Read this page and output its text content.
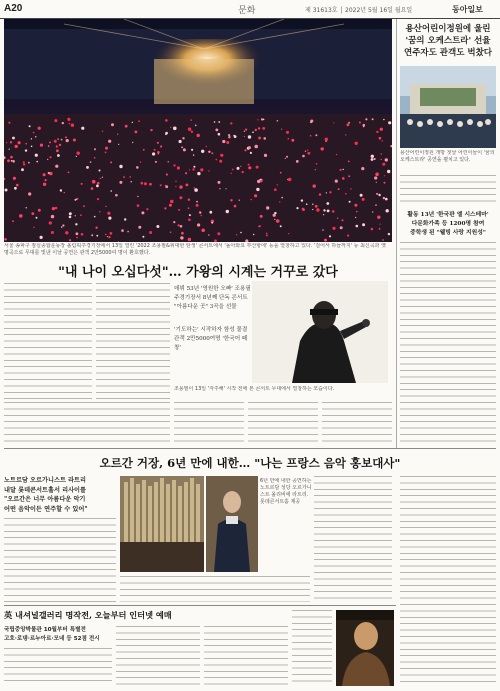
A20	문화	제 31613호 │ 2022년 5월 16일 월요일	동아일보
서울 송파구 잠실종합운동장 올림픽주경기장에서 13일 열린 '2022 조용필&위대한 탄생' 콘서트에서 '돌아와요 부산항에' 등을 열창하고 있다. '걸어서 하늘까지' 등 최신곡과 옛 명곡으로 무대를 빛낸 이날 공연은 관객 2만5000여 명이 환호했다.
용산어린이정원에 울린
'꿈의 오케스트라' 선율
연주자도 관객도 벅찼다
용산어린이정원 개방 첫날 어린이들이 '꿈의 오케스트라' 공연을 펼치고 있다.
활동 13년 '한국판 엘 시스테마'
다문화가족 등 1200명 참여
중학생 된 "웰빙 사랑 지원성"
"내 나이 오십다섯"… 가왕의 시계는 거꾸로 갔다
데뷔 53년 '영원한 오빠' 조용필
주경기장서 8년째 단독 콘서트
"아름다운 곳" 3곡을 선물
'기도하는' 시작하자 함성 물결
관객 2만5000여명 '한국어 떼창'
조용필이 13일 '자주해' 시작 전에 본 콘서트 무대에서 열창하는 모습이다.
오르간 거장, 6년 만에 내한… "나는 프랑스 음악 홍보대사"
노트르담 오르가니스트 라트리
내달 롯데콘서트홀서 리사이틀
"오르간은 너무 아름다운 악기
어떤 음악이든 연주할 수 있어"
6년 만에 내한 공연하는 노트르담 성당 오르가니스트 올리비에 라트리. 롯데콘서트홀 제공
英 내셔널갤러리 명작전, 오늘부터 인터넷 예매
국립중앙박물관 10월부터 특별전
고흐·로댕·르누아르·모네 등 52점 전시
